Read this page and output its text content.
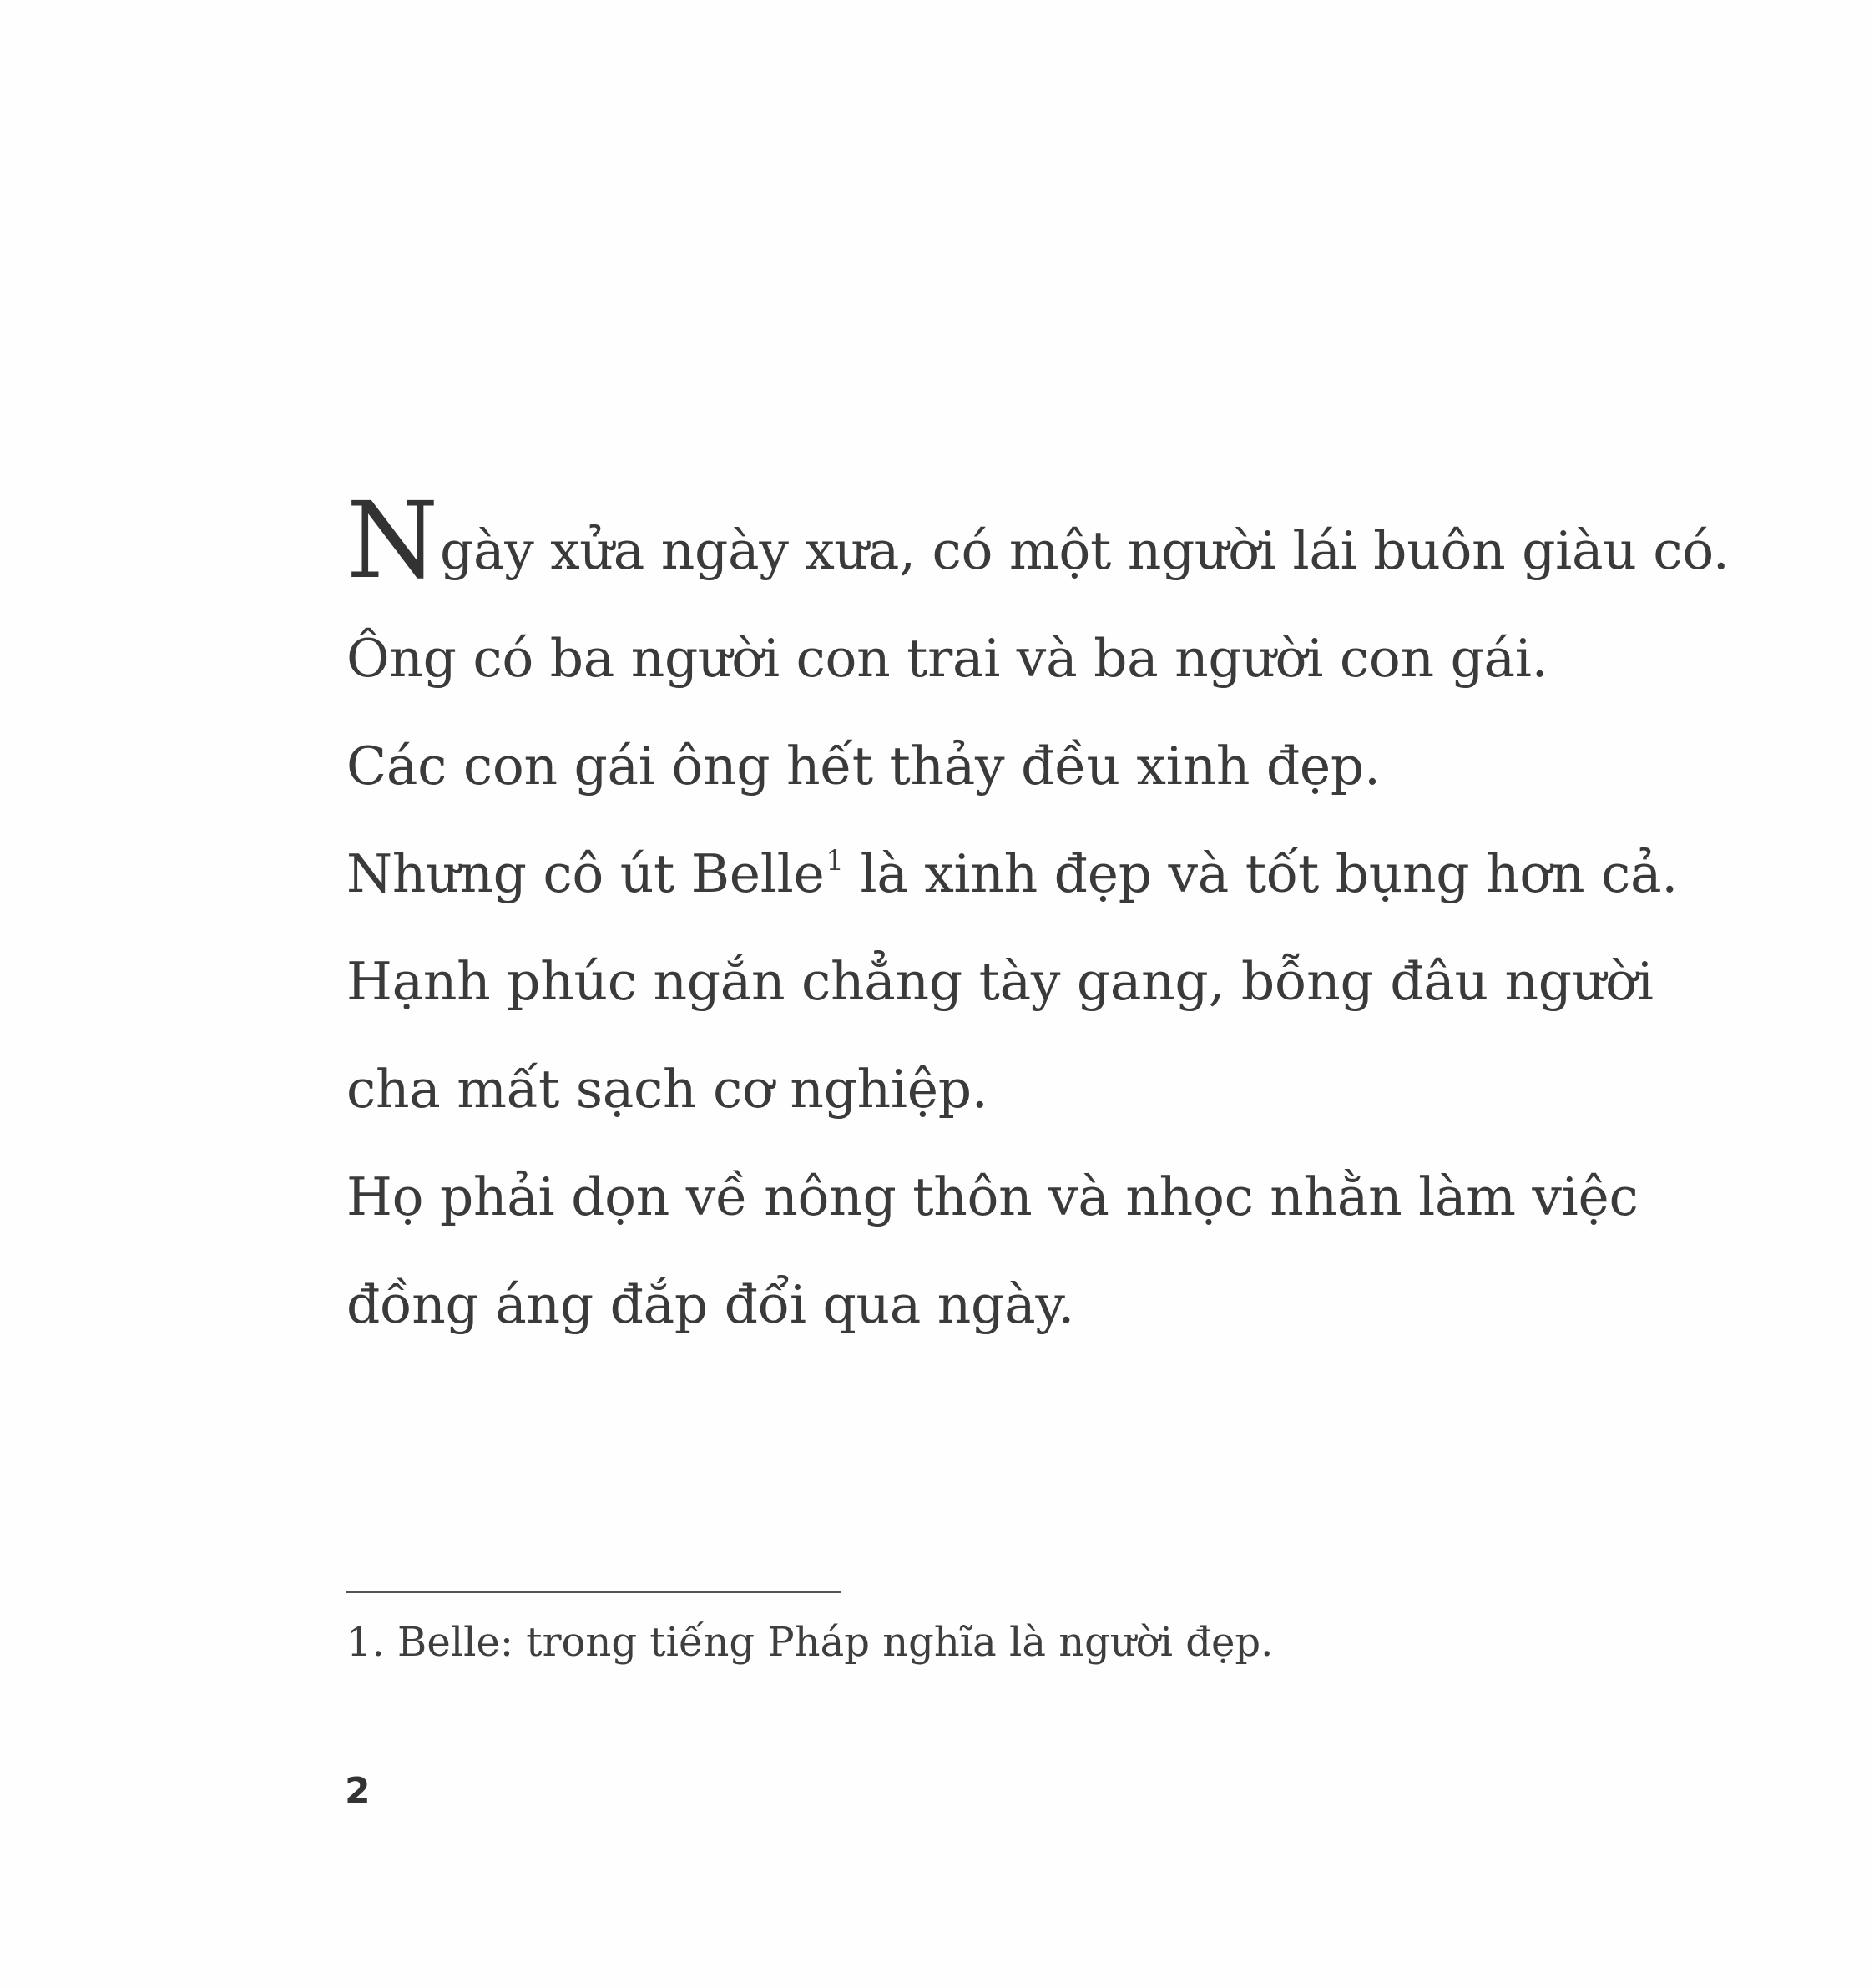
Ngày xửa ngày xưa, có một người lái buôn giàu có.
Ông có ba người con trai và ba người con gái.
Các con gái ông hết thảy đều xinh đẹp.
Nhưng cô út Belle$^1$ là xinh đẹp và tốt bụng hơn cả.
Hạnh phúc ngắn chẳng tày gang, bỗng đâu người
cha mất sạch cơ nghiệp.
Họ phải dọn về nông thôn và nhọc nhằn làm việc
đồng áng đắp đổi qua ngày.
1. Belle: trong tiếng Pháp nghĩa là người đẹp.
2
